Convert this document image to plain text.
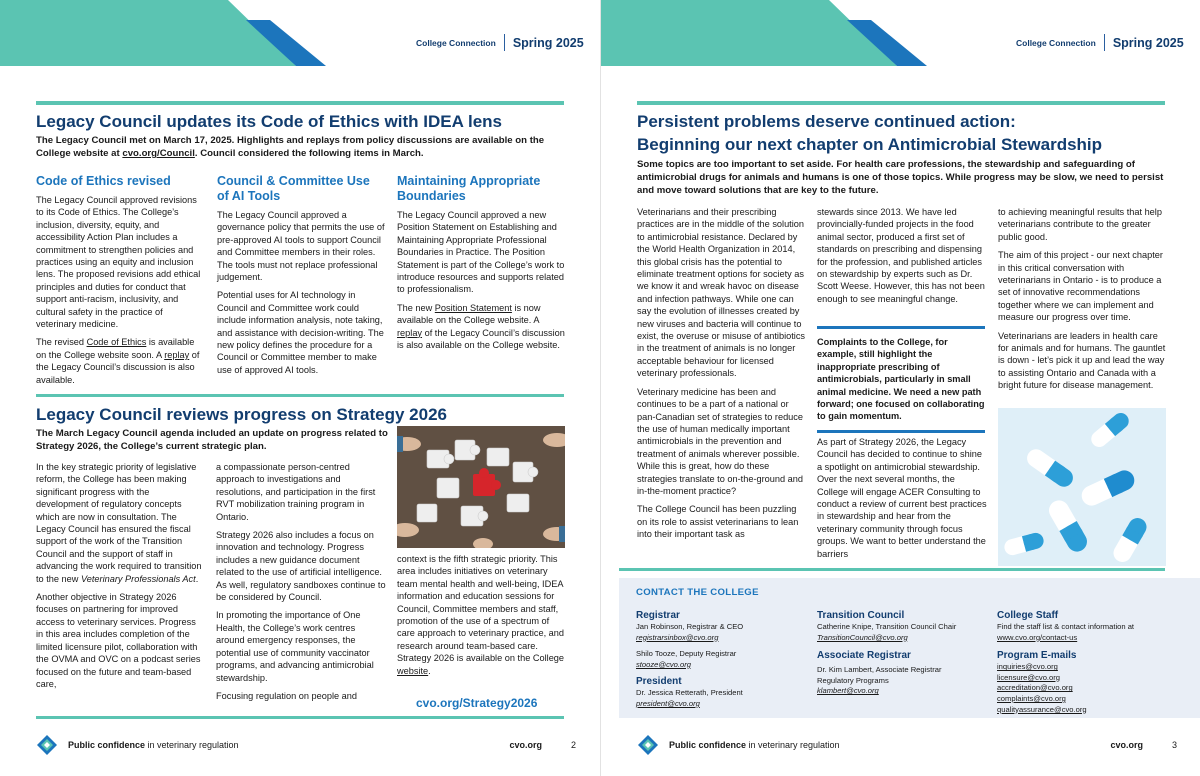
College Connection Spring 2025
Legacy Council updates its Code of Ethics with IDEA lens
The Legacy Council met on March 17, 2025. Highlights and replays from policy discussions are available on the College website at cvo.org/Council. Council considered the following items in March.
Code of Ethics revised

The Legacy Council approved revisions to its Code of Ethics. The College’s inclusion, diversity, equity, and accessibility Action Plan includes a commitment to strengthen policies and practices using an equity and inclusion lens. The proposed revisions add ethical principles and duties for conduct that support anti-racism, inclusivity, and cultural safety in the practice of veterinary medicine.

The revised Code of Ethics is available on the College website soon. A replay of the Legacy Council’s discussion is also available.

Council & Committee Use of AI Tools

The Legacy Council approved a governance policy that permits the use of pre-approved AI tools to support Council and Committee members in their roles. The tools must not replace professional judgement.

Potential uses for AI technology in Council and Committee work could include information analysis, note taking, and assistance with decision-writing. The new policy defines the procedure for a Council or Committee member to make use of approved AI tools.

Maintaining Appropriate Boundaries

The Legacy Council approved a new Position Statement on Establishing and Maintaining Appropriate Professional Boundaries in Practice. The Position Statement is part of the College’s work to introduce resources and supports related to professionalism.

The new Position Statement is now available on the College website. A replay of the Legacy Council’s discussion is also available on the College website.

Legacy Council reviews progress on Strategy 2026
The March Legacy Council agenda included an update on progress related to Strategy 2026, the College’s current strategic plan.

In the key strategic priority of legislative reform, the College has been making significant progress with the development of regulatory concepts which are now in consultation. The Legacy Council has ensured the fiscal support of the work of the Transition Council and the support of staff in advancing the work required to transition to the new Veterinary Professionals Act.

Another objective in Strategy 2026 focuses on partnering for improved access to veterinary services. Progress in this area includes completion of the limited licensure pilot, collaboration with the OVMA and OVC on a podcast series focused on the future and team-based care,

a compassionate person-centred approach to investigations and resolutions, and participation in the first RVT mobilization training program in Ontario.

Strategy 2026 also includes a focus on innovation and technology. Progress includes a new guidance document related to the use of artificial intelligence. As well, regulatory sandboxes continue to be considered by Council.

In promoting the importance of One Health, the College’s work centres around emergency responses, the potential use of community vaccinator programs, and advancing antimicrobial stewardship.

Focusing regulation on people and

context is the fifth strategic priority. This area includes initiatives on veterinary team mental health and well-being, IDEA information and education sessions for Council, Committee members and staff, promotion of the use of a spectrum of care approach to veterinary practice, and research around team-based care. Strategy 2026 is available on the College website.

cvo.org/Strategy2026
Public confidence in veterinary regulation	cvo.org	2
College Connection Spring 2025
Persistent problems deserve continued action:
Beginning our next chapter on Antimicrobial Stewardship
Some topics are too important to set aside. For health care professions, the stewardship and safeguarding of antimicrobial drugs for animals and humans is one of those topics. While progress may be slow, we need to persist and move toward solutions that are key to the future.

Veterinarians and their prescribing practices are in the middle of the solution to antimicrobial resistance. Declared by the World Health Organization in 2014, this global crisis has the potential to eliminate treatment options for society as we know it and wreak havoc on disease and infection pathways. While one can say the evolution of illnesses created by new viruses and bacteria will continue to exist, the overuse or misuse of antibiotics in the treatment of animals is no longer acceptable behaviour for licensed veterinary professionals.

Veterinary medicine has been and continues to be a part of a national or pan-Canadian set of strategies to reduce the use of human medically important antimicrobials in the prevention and treatment of animals wherever possible. While this is great, how do these strategies translate to on-the-ground and in-the-moment practice?

The College Council has been puzzling on its role to assist veterinarians to lean into their important task as

stewards since 2013. We have led provincially-funded projects in the food animal sector, produced a first set of standards on prescribing and dispensing for the profession, and published articles on stewardship by experts such as Dr. Scott Weese. However, this has not been enough to see meaningful change.

Complaints to the College, for example, still highlight the inappropriate prescribing of antimicrobials, particularly in small animal medicine. We need a new path forward; one focused on collaborating to gain momentum.

As part of Strategy 2026, the Legacy Council has decided to continue to shine a spotlight on antimicrobial stewardship. Over the next several months, the College will engage ACER Consulting to conduct a review of current best practices in stewardship and hear from the veterinary community through focus groups. We want to better understand the barriers

to achieving meaningful results that help veterinarians contribute to the greater public good.

The aim of this project - our next chapter in this critical conversation with veterinarians in Ontario - is to produce a set of innovative recommendations together where we can implement and measure our progress over time.

Veterinarians are leaders in health care for animals and for humans. The gauntlet is down - let’s pick it up and lead the way to assisting Ontario and Canada with a bright future for disease management.

CONTACT THE COLLEGE
Registrar
Jan Robinson, Registrar & CEO
registrarsinbox@cvo.org
Shilo Tooze, Deputy Registrar
stooze@cvo.org
President
Dr. Jessica Retterath, President
president@cvo.org
Transition Council
Catherine Knipe, Transition Council Chair
TransitionCouncil@cvo.org
Associate Registrar
Dr. Kim Lambert, Associate Registrar
Regulatory Programs
klambert@cvo.org
College Staff
Find the staff list & contact information at
www.cvo.org/contact-us
Program E-mails
inquiries@cvo.org
licensure@cvo.org
accreditation@cvo.org
complaints@cvo.org
qualityassurance@cvo.org
Public confidence in veterinary regulation	cvo.org	3
